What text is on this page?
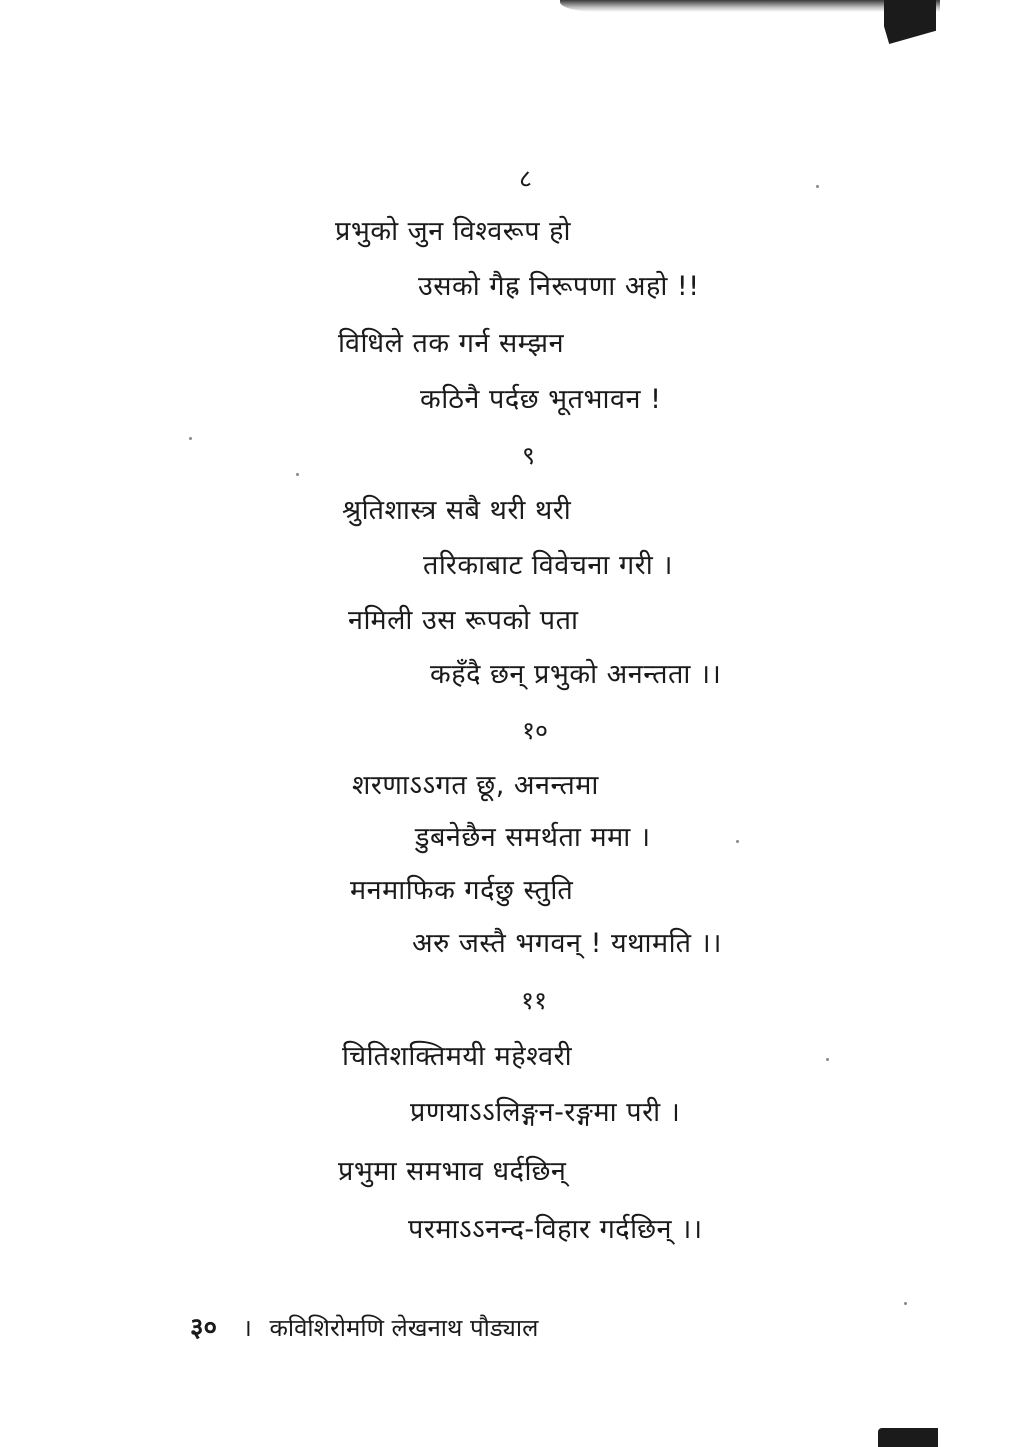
८
प्रभुको जुन विश्वरूप हो
उसको गैह्र निरूपणा अहो !!
विधिले तक गर्न सम्झन
कठिनै पर्दछ भूतभावन !
९
श्रुतिशास्त्र सबै थरी थरी
तरिकाबाट विवेचना गरी ।
नमिली उस रूपको पता
कहँदै छन् प्रभुको अनन्तता ।।
१०
शरणाऽऽगत छू, अनन्तमा
डुबनेछैन समर्थता ममा ।
मनमाफिक गर्दछु स्तुति
अरु जस्तै भगवन् ! यथामति ।।
११
चितिशक्तिमयी महेश्वरी
प्रणयाऽऽलिङ्गन-रङ्गमा परी ।
प्रभुमा समभाव धर्दछिन्
परमाऽऽनन्द-विहार गर्दछिन् ।।
३० । कविशिरोमणि लेखनाथ पौड्याल
